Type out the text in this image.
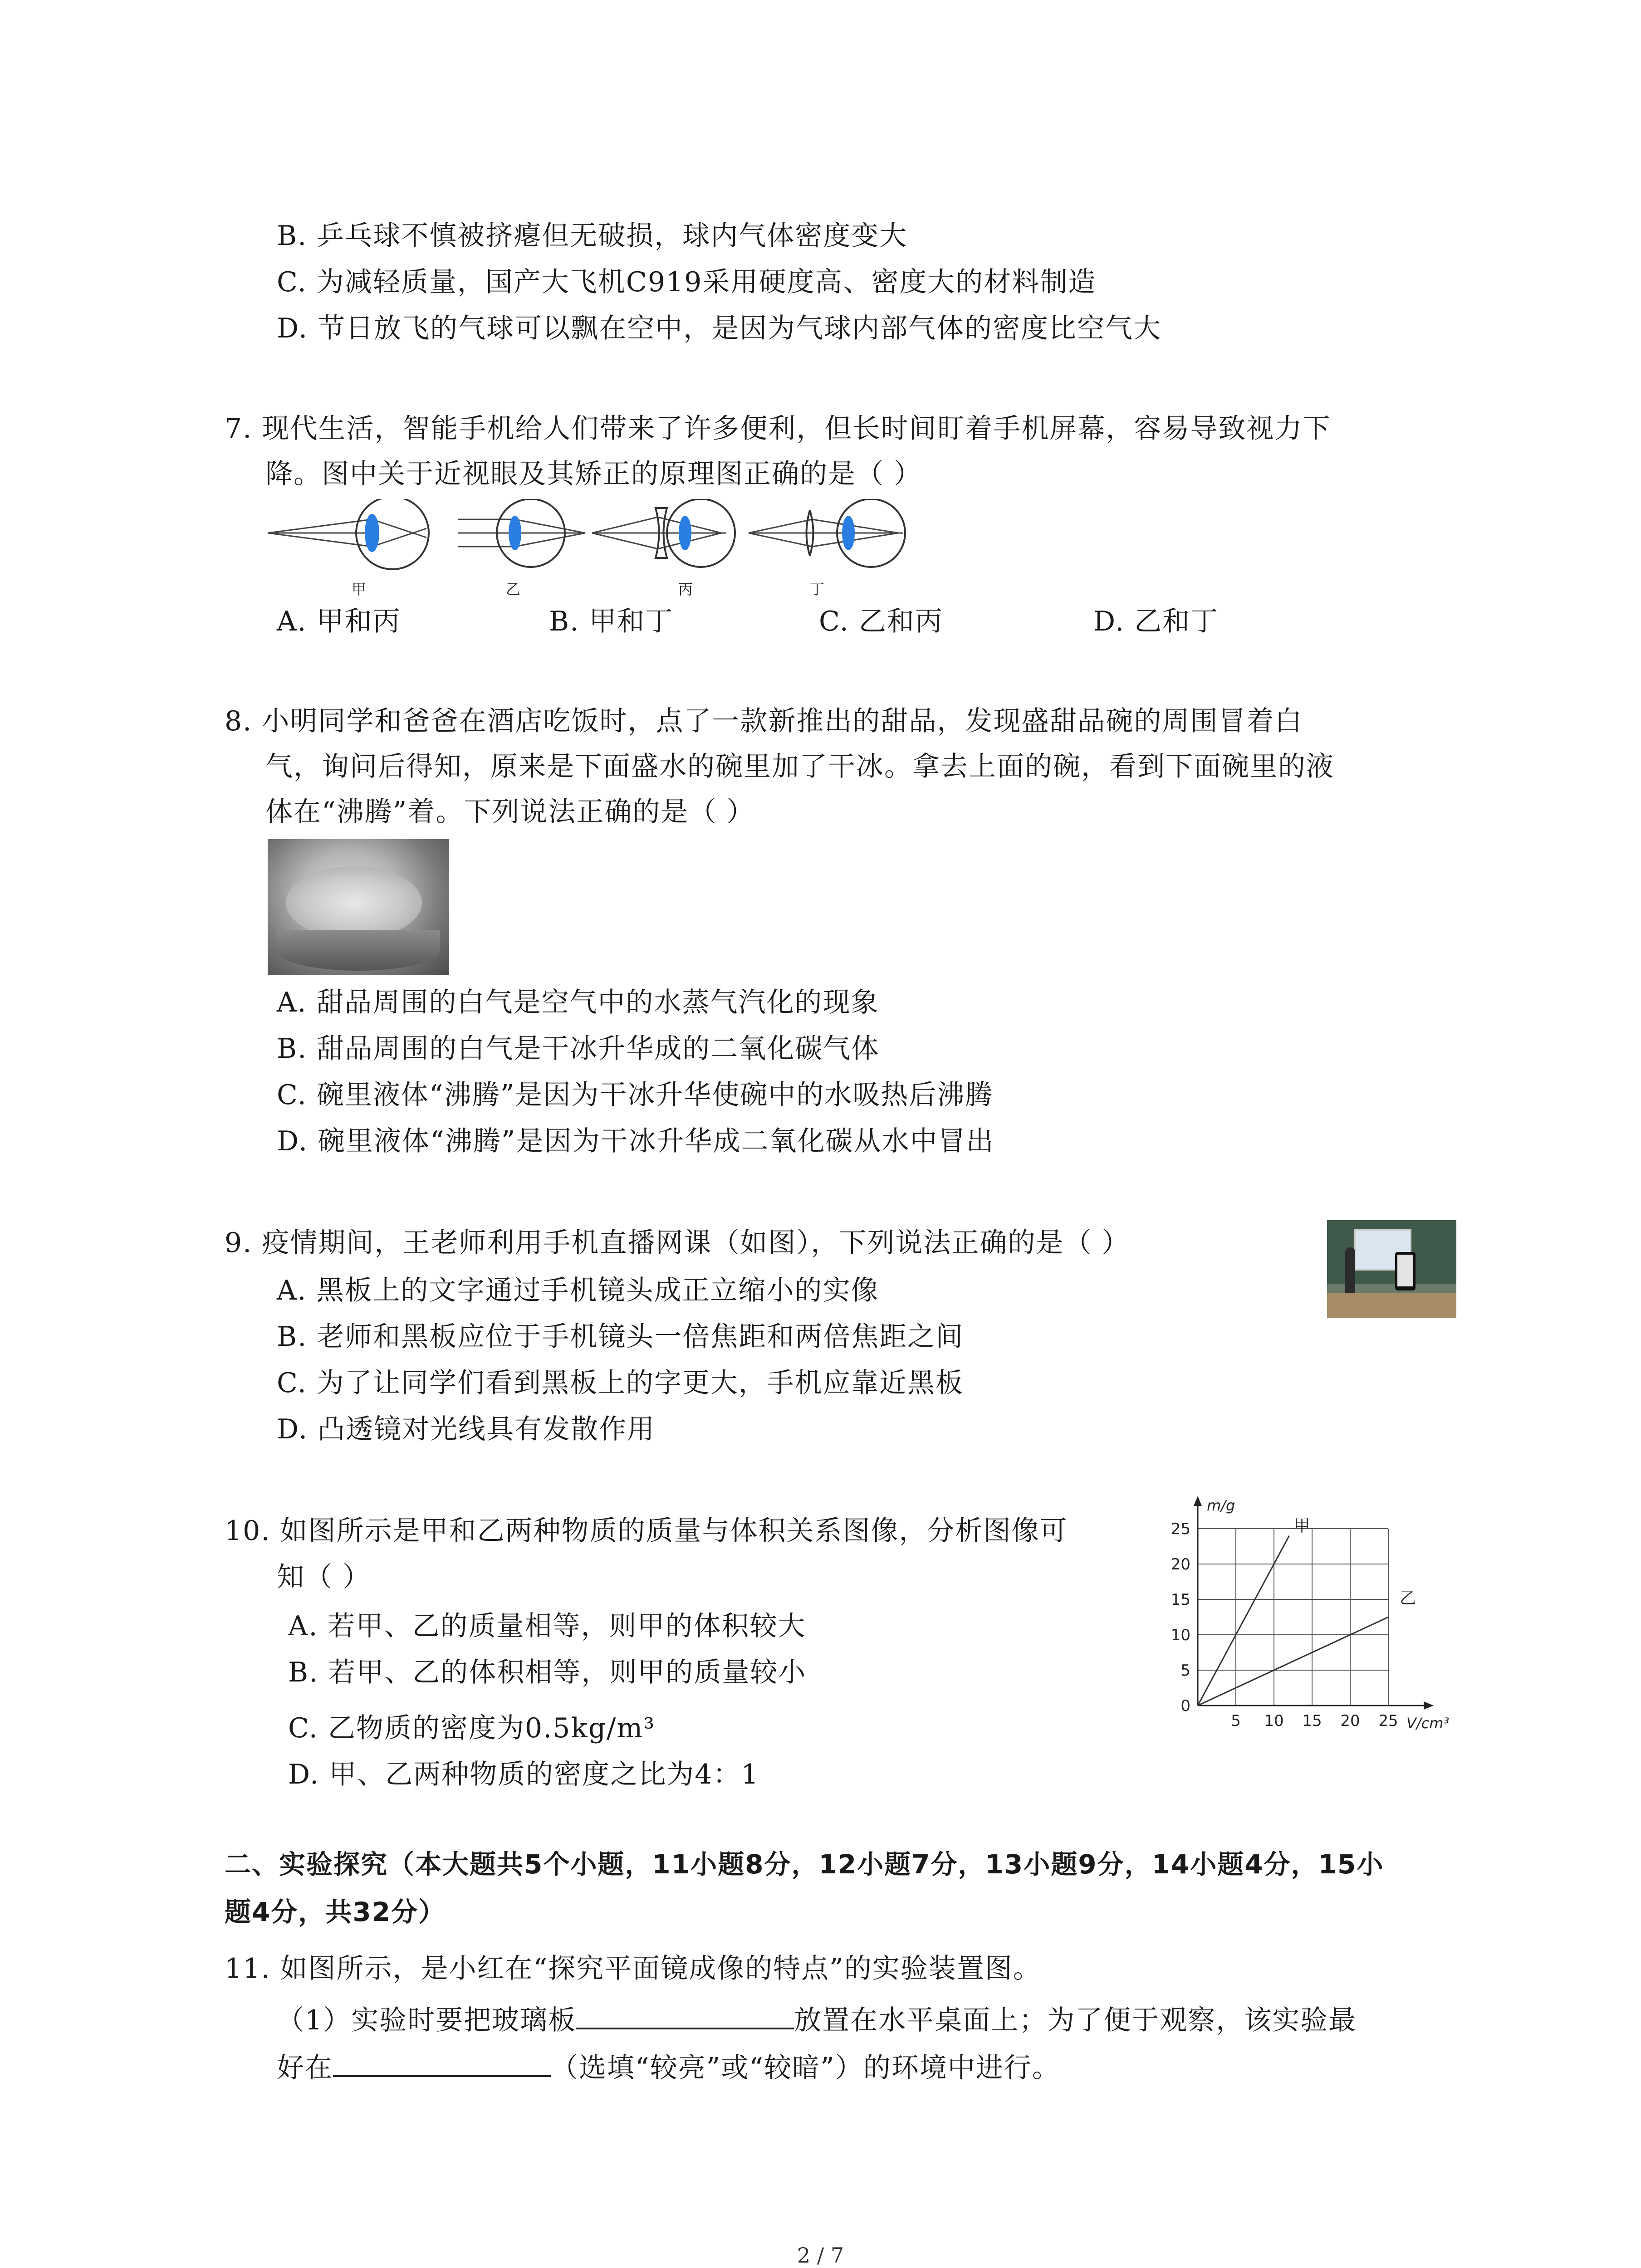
B. 乒乓球不慎被挤瘪但无破损，球内气体密度变大
C. 为减轻质量，国产大飞机C919采用硬度高、密度大的材料制造
D. 节日放飞的气球可以飘在空中，是因为气球内部气体的密度比空气大
7. 现代生活，智能手机给人们带来了许多便利，但长时间盯着手机屏幕，容易导致视力下
降。图中关于近视眼及其矫正的原理图正确的是（ ）
甲	乙	丙	丁
A. 甲和丙	B. 甲和丁	C. 乙和丙	D. 乙和丁
8. 小明同学和爸爸在酒店吃饭时，点了一款新推出的甜品，发现盛甜品碗的周围冒着白
气，询问后得知，原来是下面盛水的碗里加了干冰。拿去上面的碗，看到下面碗里的液
体在“沸腾”着。下列说法正确的是（ ）
A. 甜品周围的白气是空气中的水蒸气汽化的现象
B. 甜品周围的白气是干冰升华成的二氧化碳气体
C. 碗里液体“沸腾”是因为干冰升华使碗中的水吸热后沸腾
D. 碗里液体“沸腾”是因为干冰升华成二氧化碳从水中冒出
9. 疫情期间，王老师利用手机直播网课（如图），下列说法正确的是（ ）
A. 黑板上的文字通过手机镜头成正立缩小的实像
B. 老师和黑板应位于手机镜头一倍焦距和两倍焦距之间
C. 为了让同学们看到黑板上的字更大，手机应靠近黑板
D. 凸透镜对光线具有发散作用
10. 如图所示是甲和乙两种物质的质量与体积关系图像，分析图像可
知（ ）
A. 若甲、乙的质量相等，则甲的体积较大
B. 若甲、乙的体积相等，则甲的质量较小
C. 乙物质的密度为0.5kg/m³
D. 甲、乙两种物质的密度之比为4：1
5 10 15 20 25
0
5
10
15
20
25
V/cm³
m/g
甲
乙
二、实验探究（本大题共5个小题，11小题8分，12小题7分，13小题9分，14小题4分，15小
题4分，共32分）
11. 如图所示，是小红在“探究平面镜成像的特点”的实验装置图。
（1）实验时要把玻璃板	放置在水平桌面上；为了便于观察，该实验最
好在	（选填“较亮”或“较暗”）的环境中进行。
2 / 7
